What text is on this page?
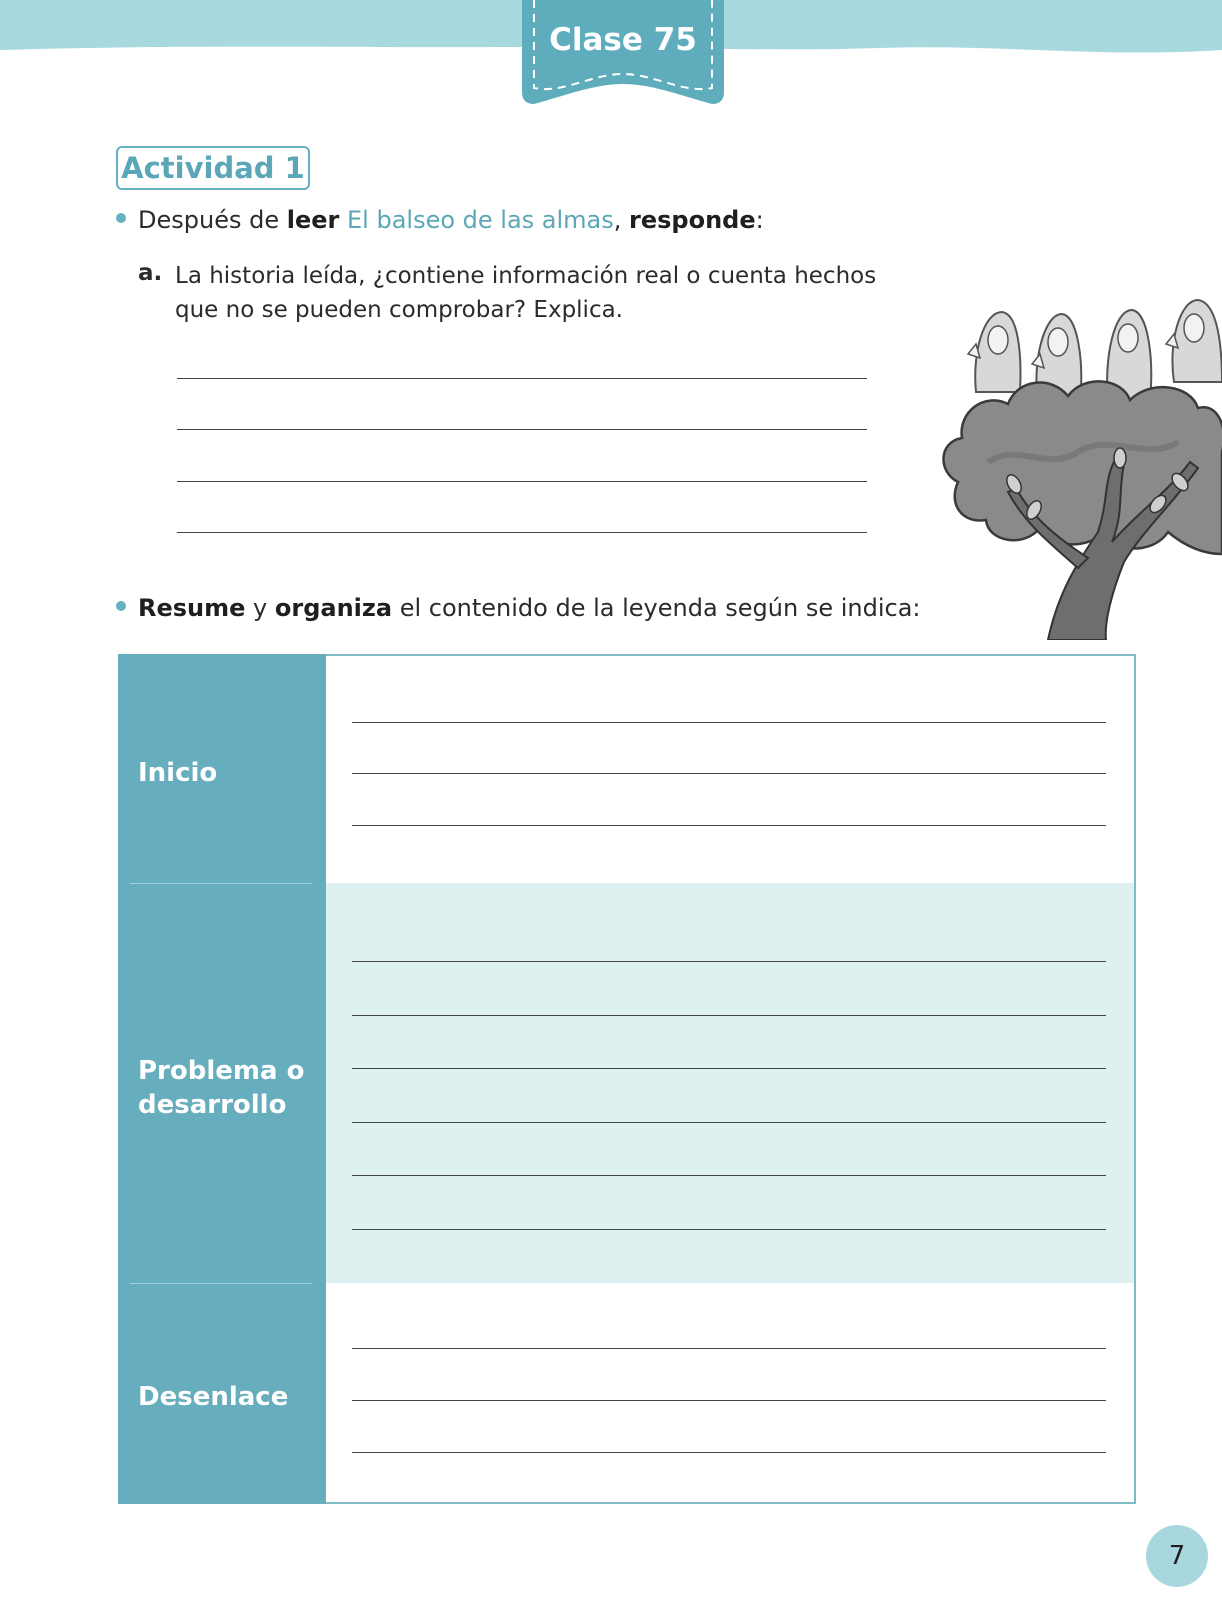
Clase 75
Actividad 1
Después de leer El balseo de las almas, responde:
a. La historia leída, ¿contiene información real o cuenta hechos que no se pueden comprobar? Explica.
Resume y organiza el contenido de la leyenda según se indica:
Inicio
Problema o desarrollo
Desenlace
7
